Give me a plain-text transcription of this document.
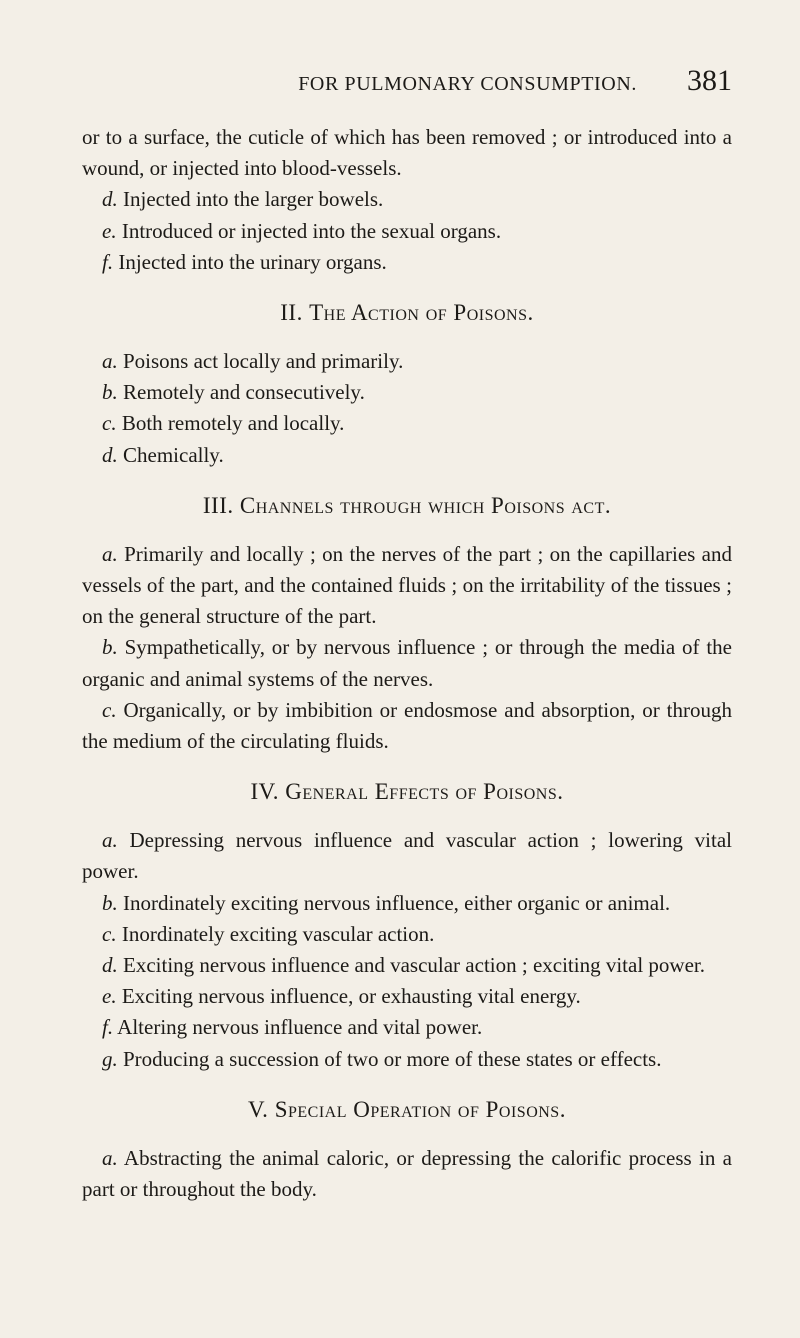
FOR PULMONARY CONSUMPTION. 381

or to a surface, the cuticle of which has been removed ; or introduced into a wound, or injected into blood-vessels.

d. Injected into the larger bowels.

e. Introduced or injected into the sexual organs.

f. Injected into the urinary organs.

II. The Action of Poisons.

a. Poisons act locally and primarily.

b. Remotely and consecutively.

c. Both remotely and locally.

d. Chemically.

III. Channels through which Poisons act.

a. Primarily and locally ; on the nerves of the part ; on the capillaries and vessels of the part, and the contained fluids ; on the irritability of the tissues ; on the general structure of the part.

b. Sympathetically, or by nervous influence ; or through the media of the organic and animal systems of the nerves.

c. Organically, or by imbibition or endosmose and absorption, or through the medium of the circulating fluids.

IV. General Effects of Poisons.

a. Depressing nervous influence and vascular action ; lowering vital power.

b. Inordinately exciting nervous influence, either organic or animal.

c. Inordinately exciting vascular action.

d. Exciting nervous influence and vascular action ; exciting vital power.

e. Exciting nervous influence, or exhausting vital energy.

f. Altering nervous influence and vital power.

g. Producing a succession of two or more of these states or effects.

V. Special Operation of Poisons.

a. Abstracting the animal caloric, or depressing the calorific process in a part or throughout the body.
